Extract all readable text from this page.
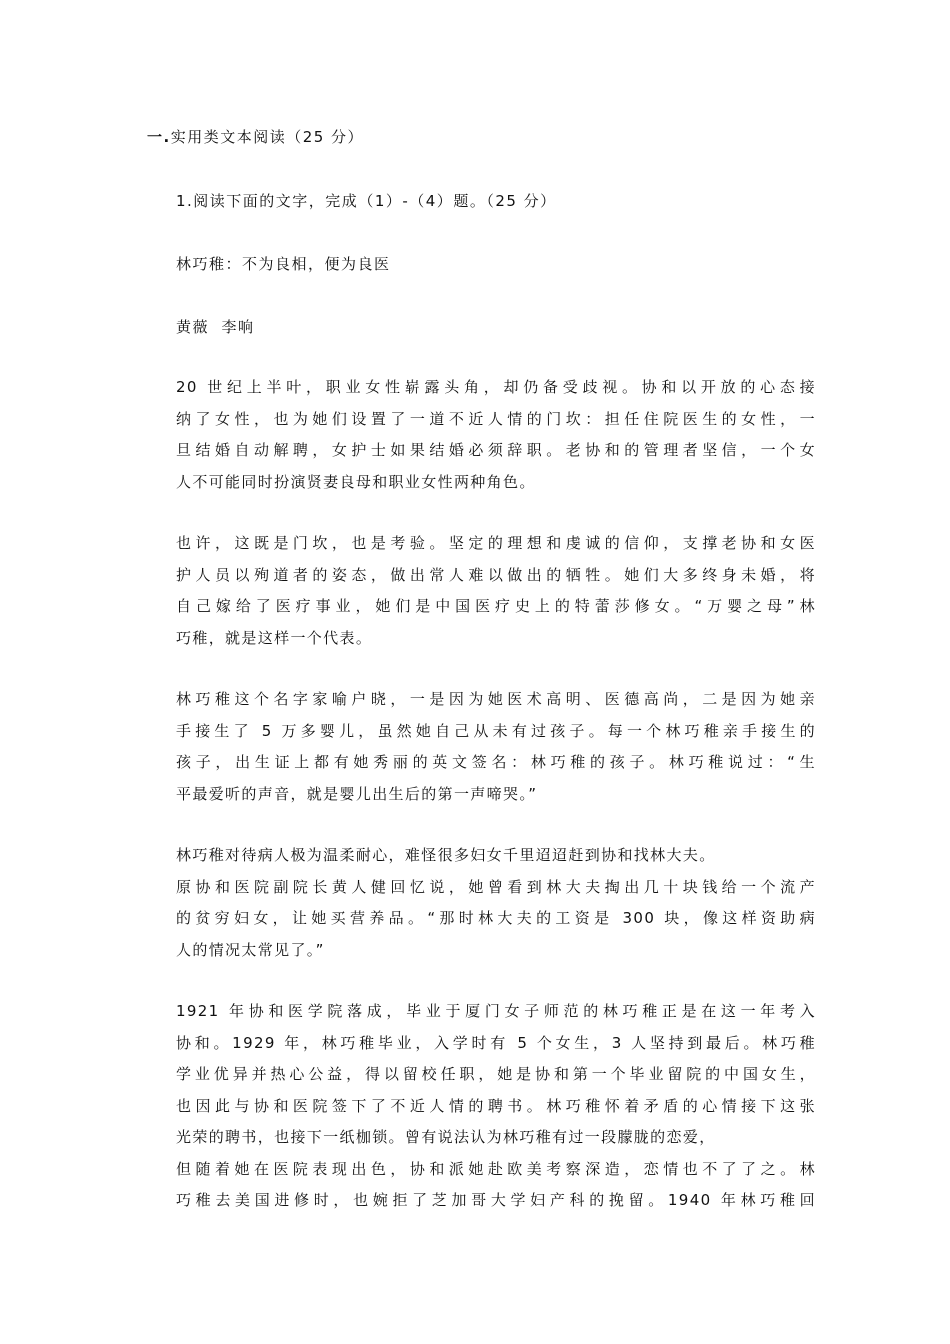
一.实用类文本阅读（25 分）
1.阅读下面的文字，完成（1）-（4）题。（25 分）
林巧稚：不为良相，便为良医
黄薇  李响
20 世纪上半叶，职业女性崭露头角，却仍备受歧视。协和以开放的心态接
纳了女性，也为她们设置了一道不近人情的门坎：担任住院医生的女性，一
旦结婚自动解聘，女护士如果结婚必须辞职。老协和的管理者坚信，一个女
人不可能同时扮演贤妻良母和职业女性两种角色。
也许，这既是门坎，也是考验。坚定的理想和虔诚的信仰，支撑老协和女医
护人员以殉道者的姿态，做出常人难以做出的牺牲。她们大多终身未婚，将
自己嫁给了医疗事业，她们是中国医疗史上的特蕾莎修女。“万婴之母”林
巧稚，就是这样一个代表。
林巧稚这个名字家喻户晓，一是因为她医术高明、医德高尚，二是因为她亲
手接生了 5 万多婴儿，虽然她自己从未有过孩子。每一个林巧稚亲手接生的
孩子，出生证上都有她秀丽的英文签名：林巧稚的孩子。林巧稚说过：“生
平最爱听的声音，就是婴儿出生后的第一声啼哭。”
林巧稚对待病人极为温柔耐心，难怪很多妇女千里迢迢赶到协和找林大夫。
原协和医院副院长黄人健回忆说，她曾看到林大夫掏出几十块钱给一个流产
的贫穷妇女，让她买营养品。“那时林大夫的工资是 300 块，像这样资助病
人的情况太常见了。”
1921 年协和医学院落成，毕业于厦门女子师范的林巧稚正是在这一年考入
协和。1929 年，林巧稚毕业，入学时有 5 个女生，3 人坚持到最后。林巧稚
学业优异并热心公益，得以留校任职，她是协和第一个毕业留院的中国女生，
也因此与协和医院签下了不近人情的聘书。林巧稚怀着矛盾的心情接下这张
光荣的聘书，也接下一纸枷锁。曾有说法认为林巧稚有过一段朦胧的恋爱，
但随着她在医院表现出色，协和派她赴欧美考察深造，恋情也不了了之。林
巧稚去美国进修时，也婉拒了芝加哥大学妇产科的挽留。1940 年林巧稚回
